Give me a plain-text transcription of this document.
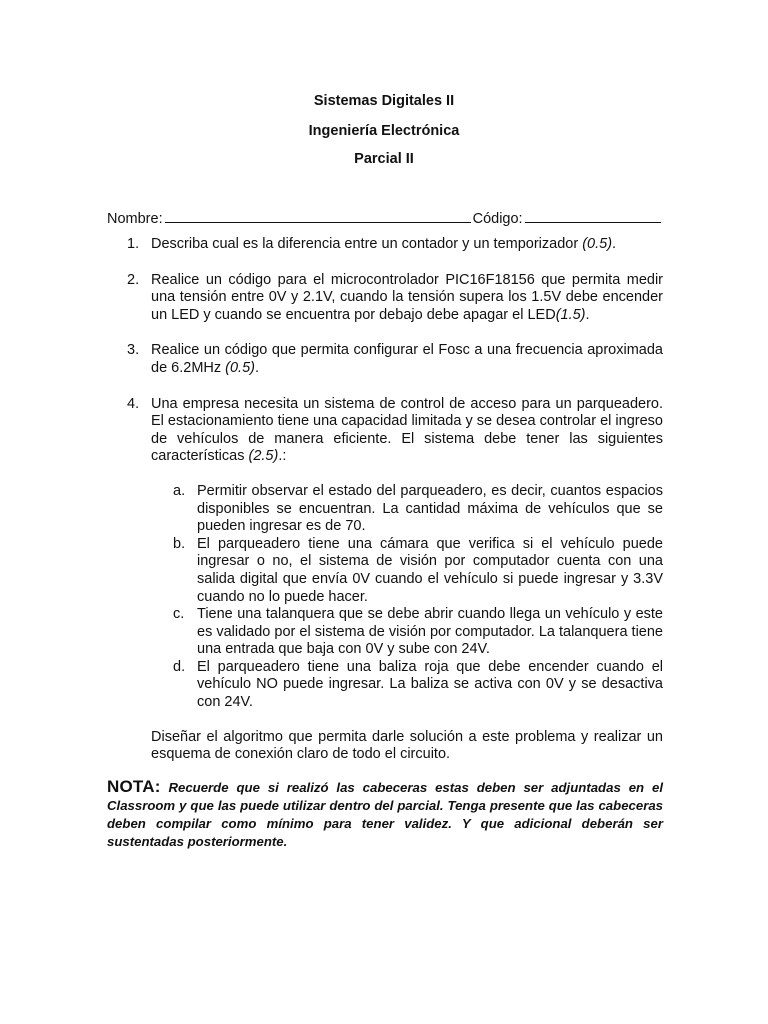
Sistemas Digitales II
Ingeniería Electrónica
Parcial II
Nombre:	Código:
1. Describa cual es la diferencia entre un contador y un temporizador (0.5).
2. Realice un código para el microcontrolador PIC16F18156 que permita medir una tensión entre 0V y 2.1V, cuando la tensión supera los 1.5V debe encender un LED y cuando se encuentra por debajo debe apagar el LED(1.5).
3. Realice un código que permita configurar el Fosc a una frecuencia aproximada de 6.2MHz (0.5).
4. Una empresa necesita un sistema de control de acceso para un parqueadero. El estacionamiento tiene una capacidad limitada y se desea controlar el ingreso de vehículos de manera eficiente. El sistema debe tener las siguientes características (2.5).:
a. Permitir observar el estado del parqueadero, es decir, cuantos espacios disponibles se encuentran. La cantidad máxima de vehículos que se pueden ingresar es de 70.
b. El parqueadero tiene una cámara que verifica si el vehículo puede ingresar o no, el sistema de visión por computador cuenta con una salida digital que envía 0V cuando el vehículo si puede ingresar y 3.3V cuando no lo puede hacer.
c. Tiene una talanquera que se debe abrir cuando llega un vehículo y este es validado por el sistema de visión por computador. La talanquera tiene una entrada que baja con 0V y sube con 24V.
d. El parqueadero tiene una baliza roja que debe encender cuando el vehículo NO puede ingresar. La baliza se activa con 0V y se desactiva con 24V.
Diseñar el algoritmo que permita darle solución a este problema y realizar un esquema de conexión claro de todo el circuito.
NOTA: Recuerde que si realizó las cabeceras estas deben ser adjuntadas en el Classroom y que las puede utilizar dentro del parcial. Tenga presente que las cabeceras deben compilar como mínimo para tener validez. Y que adicional deberán ser sustentadas posteriormente.
